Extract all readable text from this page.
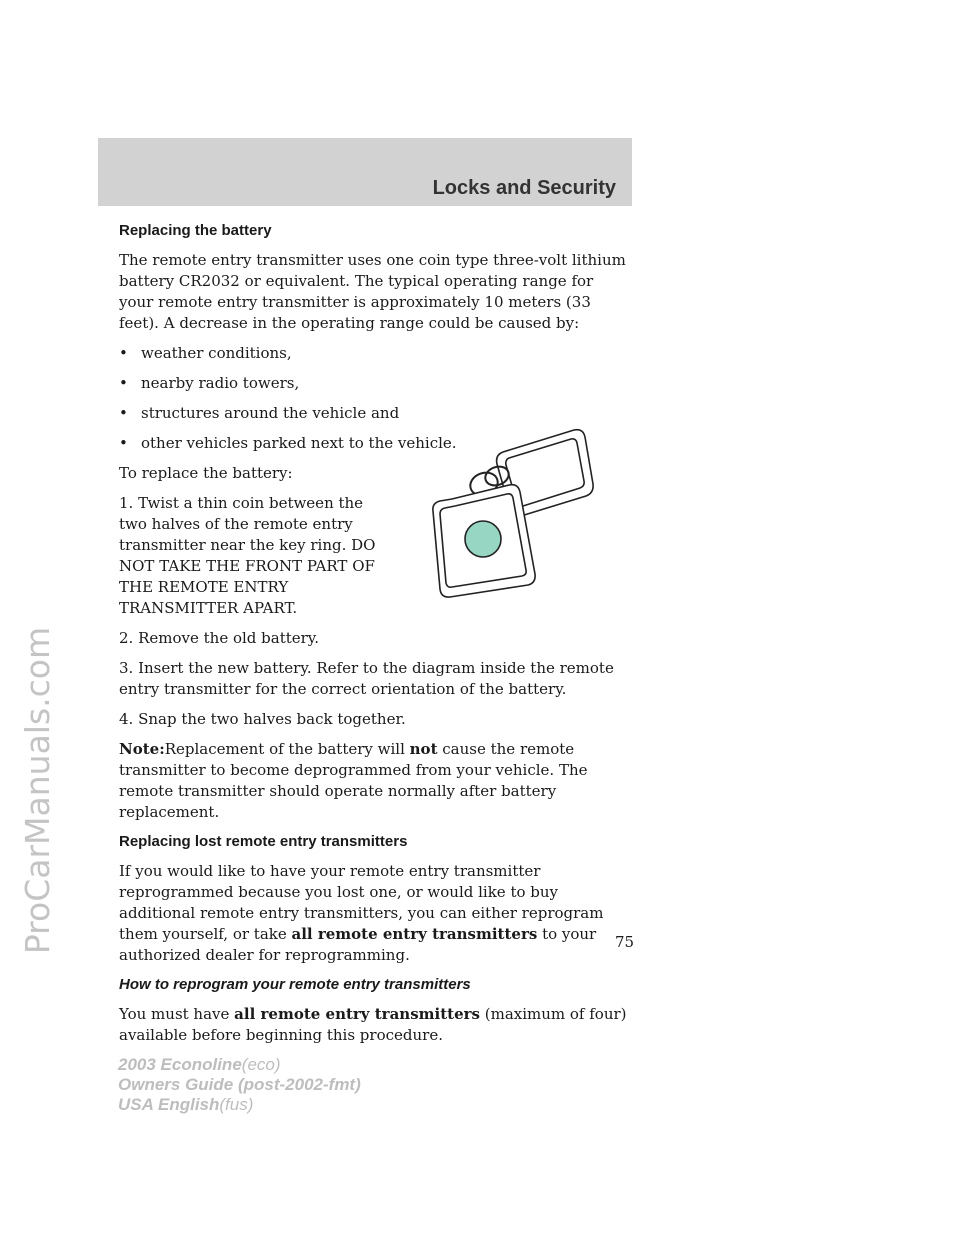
ProCarManuals.com
Locks and Security
Replacing the battery

The remote entry transmitter uses one coin type three-volt lithium battery CR2032 or equivalent. The typical operating range for your remote entry transmitter is approximately 10 meters (33 feet). A decrease in the operating range could be caused by:

• weather conditions,
• nearby radio towers,
• structures around the vehicle and
• other vehicles parked next to the vehicle.

To replace the battery:

1. Twist a thin coin between the two halves of the remote entry transmitter near the key ring. DO NOT TAKE THE FRONT PART OF THE REMOTE ENTRY TRANSMITTER APART.

2. Remove the old battery.

3. Insert the new battery. Refer to the diagram inside the remote entry transmitter for the correct orientation of the battery.

4. Snap the two halves back together.

Note:Replacement of the battery will not cause the remote transmitter to become deprogrammed from your vehicle. The remote transmitter should operate normally after battery replacement.

Replacing lost remote entry transmitters

If you would like to have your remote entry transmitter reprogrammed because you lost one, or would like to buy additional remote entry transmitters, you can either reprogram them yourself, or take all remote entry transmitters to your authorized dealer for reprogramming.

How to reprogram your remote entry transmitters

You must have all remote entry transmitters (maximum of four) available before beginning this procedure.

75
2003 Econoline(eco)
Owners Guide (post-2002-fmt)
USA English(fus)
